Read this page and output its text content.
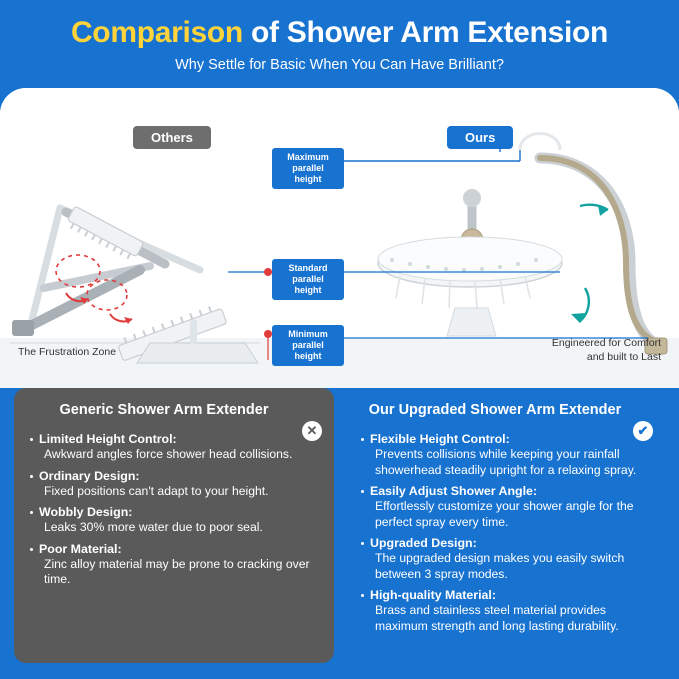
Comparison of Shower Arm Extension

Why Settle for Basic When You Can Have Brilliant?

Others	Ours
Maximum
parallel height
Standard
parallel height
Minimum
parallel height
The Frustration Zone
Engineered for Comfort
and built to Last
Generic Shower Arm Extender
✕
Limited Height Control:
Awkward angles force shower head collisions.
Ordinary Design:
Fixed positions can't adapt to your height.
Wobbly Design:
Leaks 30% more water due to poor seal.
Poor Material:
Zinc alloy material may be prone to cracking over time.
Our Upgraded Shower Arm Extender
✔
Flexible Height Control:
Prevents collisions while keeping your rainfall showerhead steadily upright for a relaxing spray.
Easily Adjust Shower Angle:
Effortlessly customize your shower angle for the perfect spray every time.
Upgraded Design:
The upgraded design makes you easily switch between 3 spray modes.
High-quality Material:
Brass and stainless steel material provides maximum strength and long lasting durability.
